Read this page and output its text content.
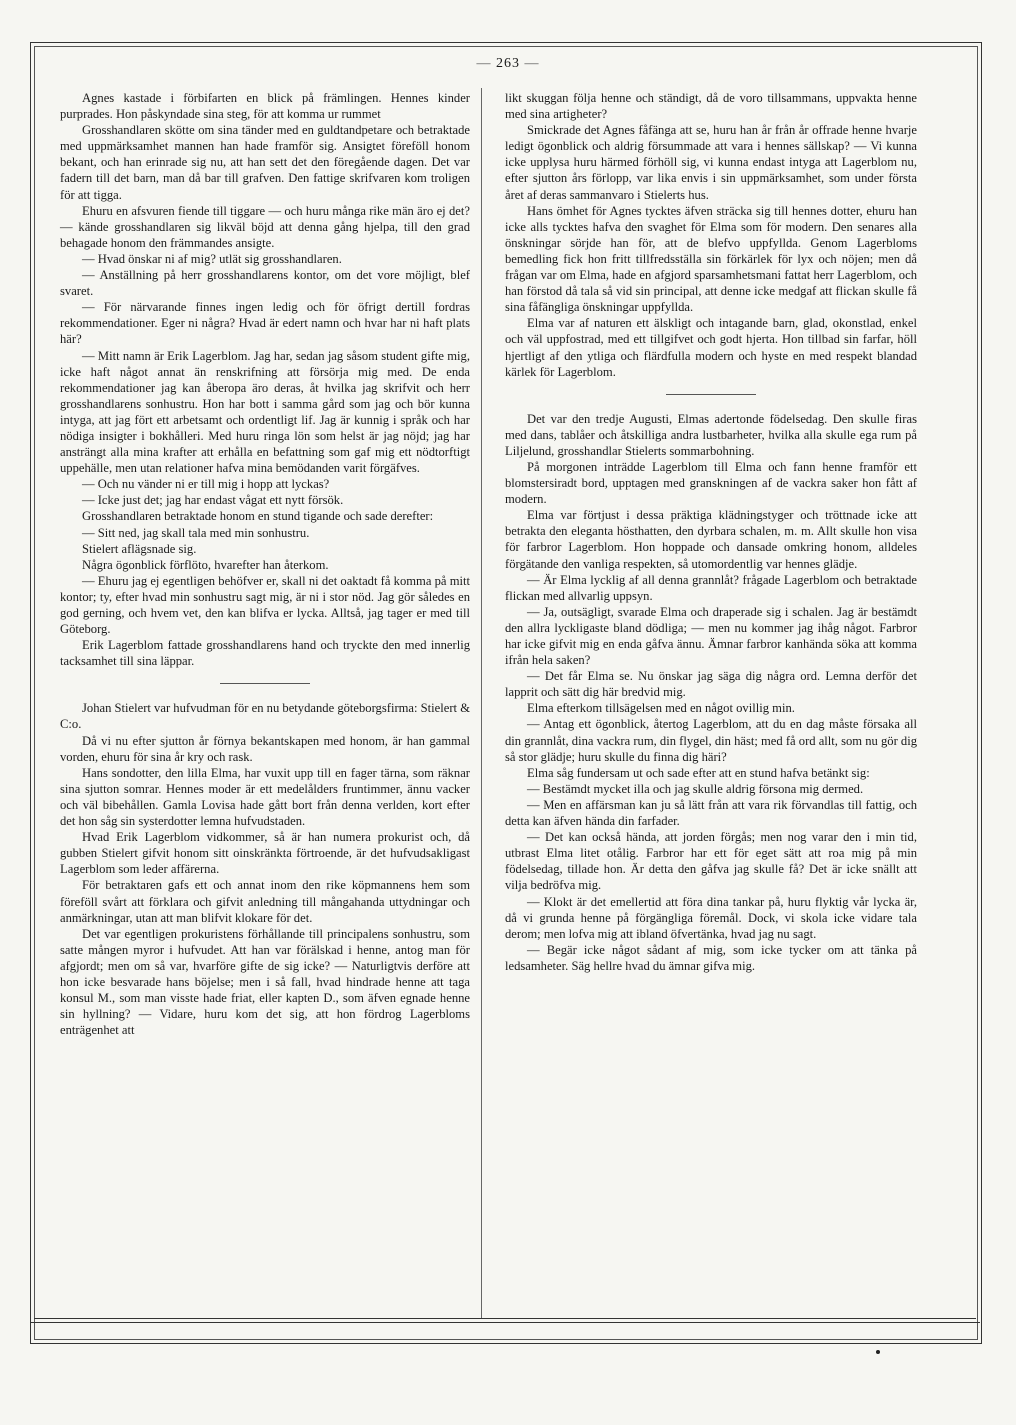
— 263 —

Agnes kastade i förbifarten en blick på främlingen. Hennes kinder purprades. Hon påskyndade sina steg, för att komma ur rummet

Grosshandlaren skötte om sina tänder med en guldtandpetare och betraktade med uppmärksamhet mannen han hade framför sig. Ansigtet föreföll honom bekant, och han erinrade sig nu, att han sett det den föregående dagen. Det var fadern till det barn, man då bar till grafven. Den fattige skrifvaren kom troligen för att tigga.

Ehuru en afsvuren fiende till tiggare — och huru många rike män äro ej det? — kände grosshandlaren sig likväl böjd att denna gång hjelpa, till den grad behagade honom den främmandes ansigte.

— Hvad önskar ni af mig? utlät sig grosshandlaren.

— Anställning på herr grosshandlarens kontor, om det vore möjligt, blef svaret.

— För närvarande finnes ingen ledig och för öfrigt dertill fordras rekommendationer. Eger ni några? Hvad är edert namn och hvar har ni haft plats här?

— Mitt namn är Erik Lagerblom. Jag har, sedan jag såsom student gifte mig, icke haft något annat än renskrifning att försörja mig med. De enda rekommendationer jag kan åberopa äro deras, åt hvilka jag skrifvit och herr grosshandlarens sonhustru. Hon har bott i samma gård som jag och bör kunna intyga, att jag fört ett arbetsamt och ordentligt lif. Jag är kunnig i språk och har nödiga insigter i bokhålleri. Med huru ringa lön som helst är jag nöjd; jag har ansträngt alla mina krafter att erhålla en befattning som gaf mig ett nödtorftigt uppehälle, men utan relationer hafva mina bemödanden varit förgäfves.

— Och nu vänder ni er till mig i hopp att lyckas?

— Icke just det; jag har endast vågat ett nytt försök.

Grosshandlaren betraktade honom en stund tigande och sade derefter:

— Sitt ned, jag skall tala med min sonhustru.

Stielert aflägsnade sig.

Några ögonblick förflöto, hvarefter han återkom.

— Ehuru jag ej egentligen behöfver er, skall ni det oaktadt få komma på mitt kontor; ty, efter hvad min sonhustru sagt mig, är ni i stor nöd. Jag gör således en god gerning, och hvem vet, den kan blifva er lycka. Alltså, jag tager er med till Göteborg.

Erik Lagerblom fattade grosshandlarens hand och tryckte den med innerlig tacksamhet till sina läppar.

Johan Stielert var hufvudman för en nu betydande göteborgsfirma: Stielert & C:o.

Då vi nu efter sjutton år förnya bekantskapen med honom, är han gammal vorden, ehuru för sina år kry och rask.

Hans sondotter, den lilla Elma, har vuxit upp till en fager tärna, som räknar sina sjutton somrar. Hennes moder är ett medelålders fruntimmer, ännu vacker och väl bibehållen. Gamla Lovisa hade gått bort från denna verlden, kort efter det hon såg sin systerdotter lemna hufvudstaden.

Hvad Erik Lagerblom vidkommer, så är han numera prokurist och, då gubben Stielert gifvit honom sitt oinskränkta förtroende, är det hufvudsakligast Lagerblom som leder affärerna.

För betraktaren gafs ett och annat inom den rike köpmannens hem som föreföll svårt att förklara och gifvit anledning till mångahanda uttydningar och anmärkningar, utan att man blifvit klokare för det.

Det var egentligen prokuristens förhållande till principalens sonhustru, som satte mången myror i hufvudet. Att han var förälskad i henne, antog man för afgjordt; men om så var, hvarföre gifte de sig icke? — Naturligtvis derföre att hon icke besvarade hans böjelse; men i så fall, hvad hindrade henne att taga konsul M., som man visste hade friat, eller kapten D., som äfven egnade henne sin hyllning? — Vidare, huru kom det sig, att hon fördrog Lagerbloms enträgenhet att

likt skuggan följa henne och ständigt, då de voro tillsammans, uppvakta henne med sina artigheter?

Smickrade det Agnes fåfänga att se, huru han år från år offrade henne hvarje ledigt ögonblick och aldrig försummade att vara i hennes sällskap? — Vi kunna icke upplysa huru härmed förhöll sig, vi kunna endast intyga att Lagerblom nu, efter sjutton års förlopp, var lika envis i sin uppmärksamhet, som under första året af deras sammanvaro i Stielerts hus.

Hans ömhet för Agnes tycktes äfven sträcka sig till hennes dotter, ehuru han icke alls tycktes hafva den svaghet för Elma som för modern. Den senares alla önskningar sörjde han för, att de blefvo uppfyllda. Genom Lagerbloms bemedling fick hon fritt tillfredsställa sin förkärlek för lyx och nöjen; men då frågan var om Elma, hade en afgjord sparsamhetsmani fattat herr Lagerblom, och han förstod då tala så vid sin principal, att denne icke medgaf att flickan skulle få sina fåfängliga önskningar uppfyllda.

Elma var af naturen ett älskligt och intagande barn, glad, okonstlad, enkel och väl uppfostrad, med ett tillgifvet och godt hjerta. Hon tillbad sin farfar, höll hjertligt af den ytliga och flärdfulla modern och hyste en med respekt blandad kärlek för Lagerblom.

Det var den tredje Augusti, Elmas adertonde födelsedag. Den skulle firas med dans, tablåer och åtskilliga andra lustbarheter, hvilka alla skulle ega rum på Liljelund, grosshandlar Stielerts sommarbohning.

På morgonen inträdde Lagerblom till Elma och fann henne framför ett blomstersiradt bord, upptagen med granskningen af de vackra saker hon fått af modern.

Elma var förtjust i dessa präktiga klädningstyger och tröttnade icke att betrakta den eleganta hösthatten, den dyrbara schalen, m. m. Allt skulle hon visa för farbror Lagerblom. Hon hoppade och dansade omkring honom, alldeles förgätande den vanliga respekten, så utomordentlig var hennes glädje.

— Är Elma lycklig af all denna grannlåt? frågade Lagerblom och betraktade flickan med allvarlig uppsyn.

— Ja, outsägligt, svarade Elma och draperade sig i schalen. Jag är bestämdt den allra lyckligaste bland dödliga; — men nu kommer jag ihåg något. Farbror har icke gifvit mig en enda gåfva ännu. Ämnar farbror kanhända söka att komma ifrån hela saken?

— Det får Elma se. Nu önskar jag säga dig några ord. Lemna derför det lapprit och sätt dig här bredvid mig.

Elma efterkom tillsägelsen med en något ovillig min.

— Antag ett ögonblick, återtog Lagerblom, att du en dag måste försaka all din grannlåt, dina vackra rum, din flygel, din häst; med få ord allt, som nu gör dig så stor glädje; huru skulle du finna dig häri?

Elma såg fundersam ut och sade efter att en stund hafva betänkt sig:

— Bestämdt mycket illa och jag skulle aldrig försona mig dermed.

— Men en affärsman kan ju så lätt från att vara rik förvandlas till fattig, och detta kan äfven hända din farfader.

— Det kan också hända, att jorden förgås; men nog varar den i min tid, utbrast Elma litet otålig. Farbror har ett för eget sätt att roa mig på min födelsedag, tillade hon. Är detta den gåfva jag skulle få? Det är icke snällt att vilja bedröfva mig.

— Klokt är det emellertid att föra dina tankar på, huru flyktig vår lycka är, då vi grunda henne på förgängliga föremål. Dock, vi skola icke vidare tala derom; men lofva mig att ibland öfvertänka, hvad jag nu sagt.

— Begär icke något sådant af mig, som icke tycker om att tänka på ledsamheter. Säg hellre hvad du ämnar gifva mig.
